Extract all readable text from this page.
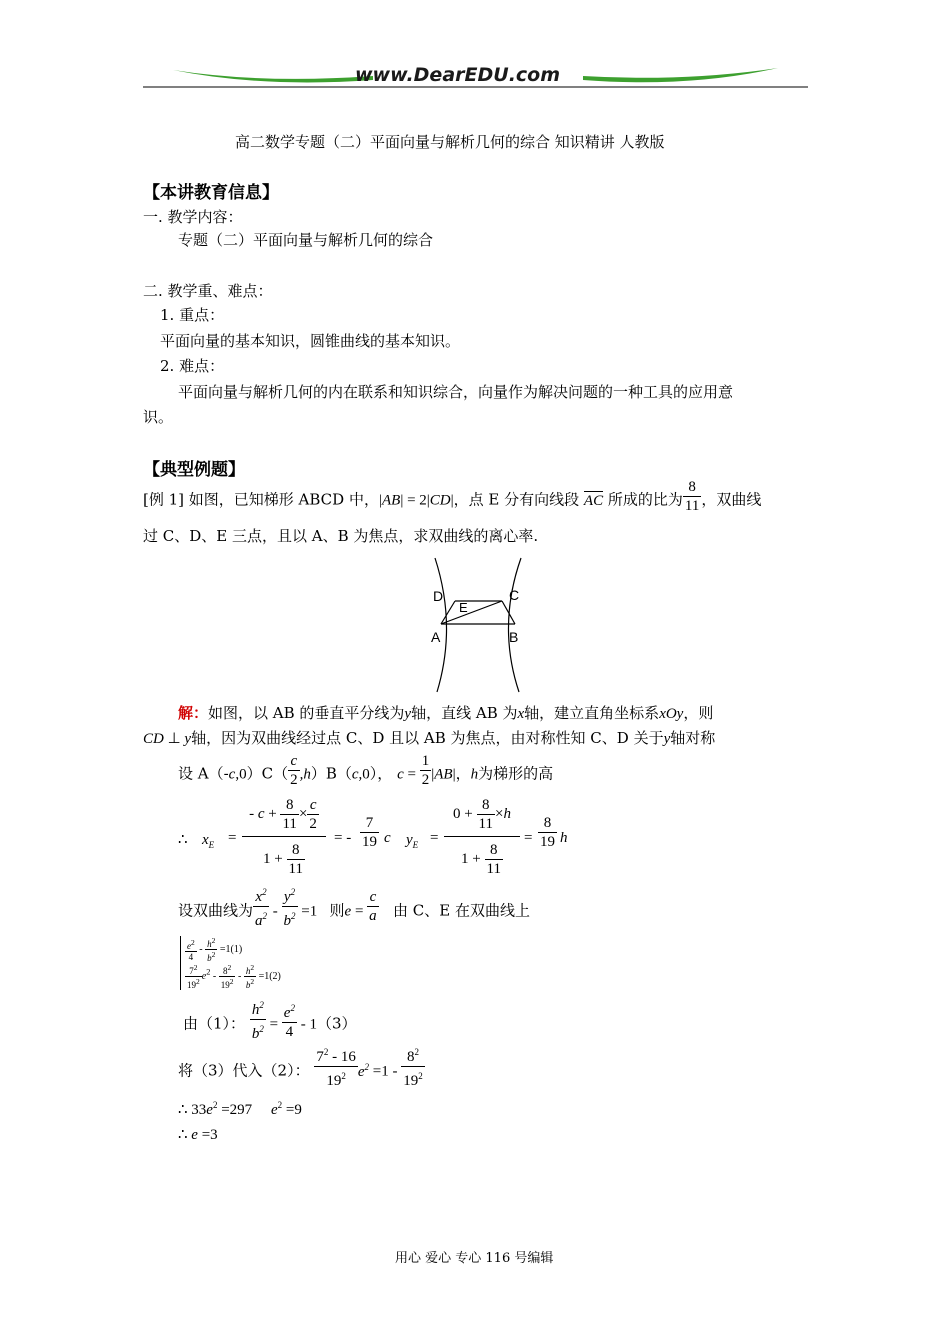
www.DearEDU.com
高二数学专题（二）平面向量与解析几何的综合 知识精讲 人教版
【本讲教育信息】
一. 教学内容：
专题（二）平面向量与解析几何的综合
二. 教学重、难点：
1. 重点：
平面向量的基本知识，圆锥曲线的基本知识。
2. 难点：
平面向量与解析几何的内在联系和知识综合，向量作为解决问题的一种工具的应用意
识。
【典型例题】
[例 1] 如图，已知梯形 ABCD 中，|AB| = 2|CD|，点 E 分有向线段 AC 所成的比为 $\frac{8}{11}$ ，双曲线
过 C、D、E 三点，且以 A、B 为焦点，求双曲线的离心率.
D
E
C
A	B
解：如图，以 AB 的垂直平分线为y轴，直线 AB 为x轴，建立直角坐标系xOy，则
CD ⊥ y轴，因为双曲线经过点 C、D 且以 AB 为焦点，由对称性知 C、D 关于y轴对称
设 $A(-c,0)C( \frac{c}{2} ,h)B(c,0)$， $c = \frac{1}{2} |AB|$，h为梯形的高
∴ $x_E$ =
- $c + \frac{8}{11} \times \frac{c}{2}$
$1 + \frac{8}{11}$
= - $\frac{7}{19}$ c $y_E$ =
$0 + \frac{8}{11} \times h$
$1 + \frac{8}{11}$
= $\frac{8}{19}$ h
设双曲线为 $\frac{x^2}{a^2} - \frac{y^2}{b^2} =1$   则$e = \frac{c}{a}$ 由 C、E 在双曲线上
$\frac{e^2}{4} - \frac{h^2}{b^2} =1(1)$
$\frac{7^2}{19^2} e^2 - \frac{8^2}{19^2} - \frac{h^2}{b^2} =1(2)$
由（1）： $\frac{h^2}{b^2} = \frac{e^2}{4} - 1(3)$
将（3）代入（2）： $\frac{7^2 - 16}{19^2} e^2 =1 - \frac{8^2}{19^2}$
∴ $33e^2 =297$     $e^2 =9$
∴ e =3
用心 爱心 专心 116 号编辑
